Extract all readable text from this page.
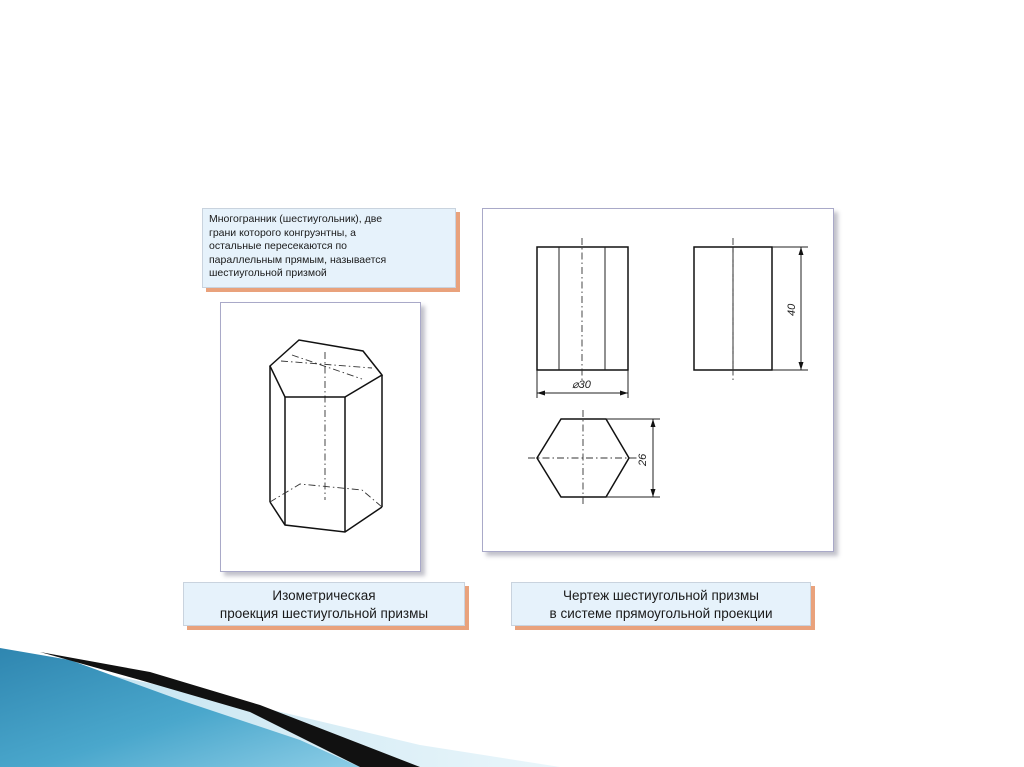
Многогранник (шестиугольник), две
грани которого конгруэнтны, а
остальные пересекаются по
параллельным прямым, называется
шестиугольной призмой
⌀30
40
26
Изометрическая
проекция шестиугольной призмы
Чертеж шестиугольной призмы
в системе прямоугольной проекции
